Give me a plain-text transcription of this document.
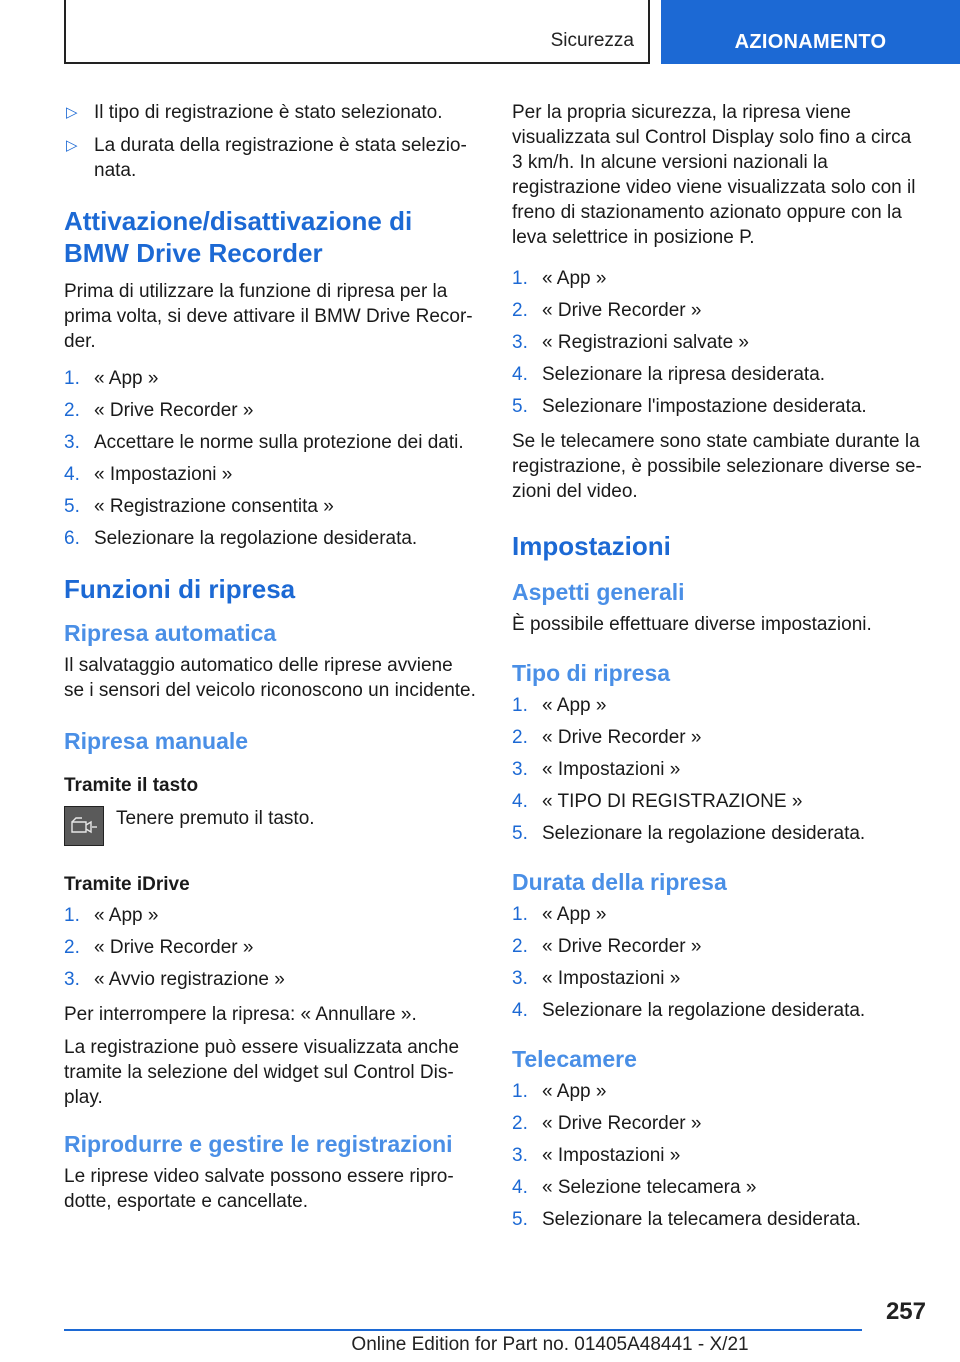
Sicurezza	AZIONAMENTO
▷ Il tipo di registrazione è stato selezionato.
▷ La durata della registrazione è stata selezionata.
Attivazione/disattivazione di BMW Drive Recorder

Prima di utilizzare la funzione di ripresa per la prima volta, si deve attivare il BMW Drive Recorder.

1. « App »
2. « Drive Recorder »
3. Accettare le norme sulla protezione dei dati.
4. « Impostazioni »
5. « Registrazione consentita »
6. Selezionare la regolazione desiderata.
Funzioni di ripresa
Ripresa automatica

Il salvataggio automatico delle riprese avviene se i sensori del veicolo riconoscono un incidente.

Ripresa manuale
Tramite il tasto
Tenere premuto il tasto.
Tramite iDrive
1. « App »
2. « Drive Recorder »
3. « Avvio registrazione »

Per interrompere la ripresa: « Annullare ».

La registrazione può essere visualizzata anche tramite la selezione del widget sul Control Display.

Riprodurre e gestire le registrazioni

Le riprese video salvate possono essere riprodotte, esportate e cancellate.

Per la propria sicurezza, la ripresa viene visualizzata sul Control Display solo fino a circa 3 km/h. In alcune versioni nazionali la registrazione video viene visualizzata solo con il freno di stazionamento azionato oppure con la leva selettrice in posizione P.

1. « App »
2. « Drive Recorder »
3. « Registrazioni salvate »
4. Selezionare la ripresa desiderata.
5. Selezionare l'impostazione desiderata.

Se le telecamere sono state cambiate durante la registrazione, è possibile selezionare diverse sezioni del video.

Impostazioni
Aspetti generali

È possibile effettuare diverse impostazioni.

Tipo di ripresa
1. « App »
2. « Drive Recorder »
3. « Impostazioni »
4. « TIPO DI REGISTRAZIONE »
5. Selezionare la regolazione desiderata.
Durata della ripresa
1. « App »
2. « Drive Recorder »
3. « Impostazioni »
4. Selezionare la regolazione desiderata.
Telecamere
1. « App »
2. « Drive Recorder »
3. « Impostazioni »
4. « Selezione telecamera »
5. Selezionare la telecamera desiderata.
257
Online Edition for Part no. 01405A48441 - X/21
